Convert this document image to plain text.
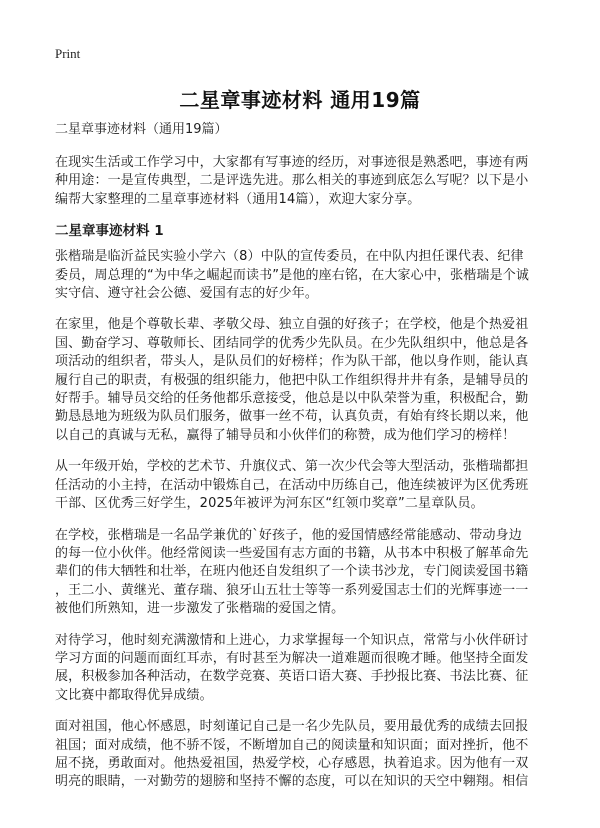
Print
二星章事迹材料 通用19篇
二星章事迹材料（通用19篇）
在现实生活或工作学习中，大家都有写事迹的经历，对事迹很是熟悉吧，事迹有两
种用途：一是宣传典型，二是评选先进。那么相关的事迹到底怎么写呢？以下是小
编帮大家整理的二星章事迹材料（通用14篇），欢迎大家分享。
二星章事迹材料 1
张楷瑞是临沂益民实验小学六（8）中队的宣传委员，在中队内担任课代表、纪律
委员，周总理的“为中华之崛起而读书”是他的座右铭，在大家心中，张楷瑞是个诚
实守信、遵守社会公德、爱国有志的好少年。
在家里，他是个尊敬长辈、孝敬父母、独立自强的好孩子；在学校，他是个热爱祖
国、勤奋学习、尊敬师长、团结同学的优秀少先队员。在少先队组织中，他总是各
项活动的组织者，带头人，是队员们的好榜样；作为队干部，他以身作则，能认真
履行自己的职责，有极强的组织能力，他把中队工作组织得井井有条，是辅导员的
好帮手。辅导员交给的任务他都乐意接受，他总是以中队荣誉为重，积极配合，勤
勤恳恳地为班级为队员们服务，做事一丝不苟，认真负责，有始有终长期以来，他
以自己的真诚与无私，赢得了辅导员和小伙伴们的称赞，成为他们学习的榜样！
从一年级开始，学校的艺术节、升旗仪式、第一次少代会等大型活动，张楷瑞都担
任活动的小主持，在活动中锻炼自己，在活动中历练自己，他连续被评为区优秀班
干部、区优秀三好学生，2025年被评为河东区“红领巾奖章”二星章队员。
在学校，张楷瑞是一名品学兼优的`好孩子，他的爱国情感经常能感动、带动身边
的每一位小伙伴。他经常阅读一些爱国有志方面的书籍，从书本中积极了解革命先
辈们的伟大牺牲和壮举，在班内他还自发组织了一个读书沙龙，专门阅读爱国书籍
，王二小、黄继光、董存瑞、狼牙山五壮士等等一系列爱国志士们的光辉事迹一一
被他们所熟知，进一步激发了张楷瑞的爱国之情。
对待学习，他时刻充满激情和上进心，力求掌握每一个知识点，常常与小伙伴研讨
学习方面的问题而面红耳赤，有时甚至为解决一道难题而很晚才睡。他坚持全面发
展，积极参加各种活动，在数学竞赛、英语口语大赛、手抄报比赛、书法比赛、征
文比赛中都取得优异成绩。
面对祖国，他心怀感恩，时刻谨记自己是一名少先队员，要用最优秀的成绩去回报
祖国；面对成绩，他不骄不馁，不断增加自己的阅读量和知识面；面对挫折，他不
屈不挠，勇敢面对。他热爱祖国，热爱学校，心存感恩，执着追求。因为他有一双
明亮的眼睛，一对勤劳的翅膀和坚持不懈的态度，可以在知识的天空中翱翔。相信
